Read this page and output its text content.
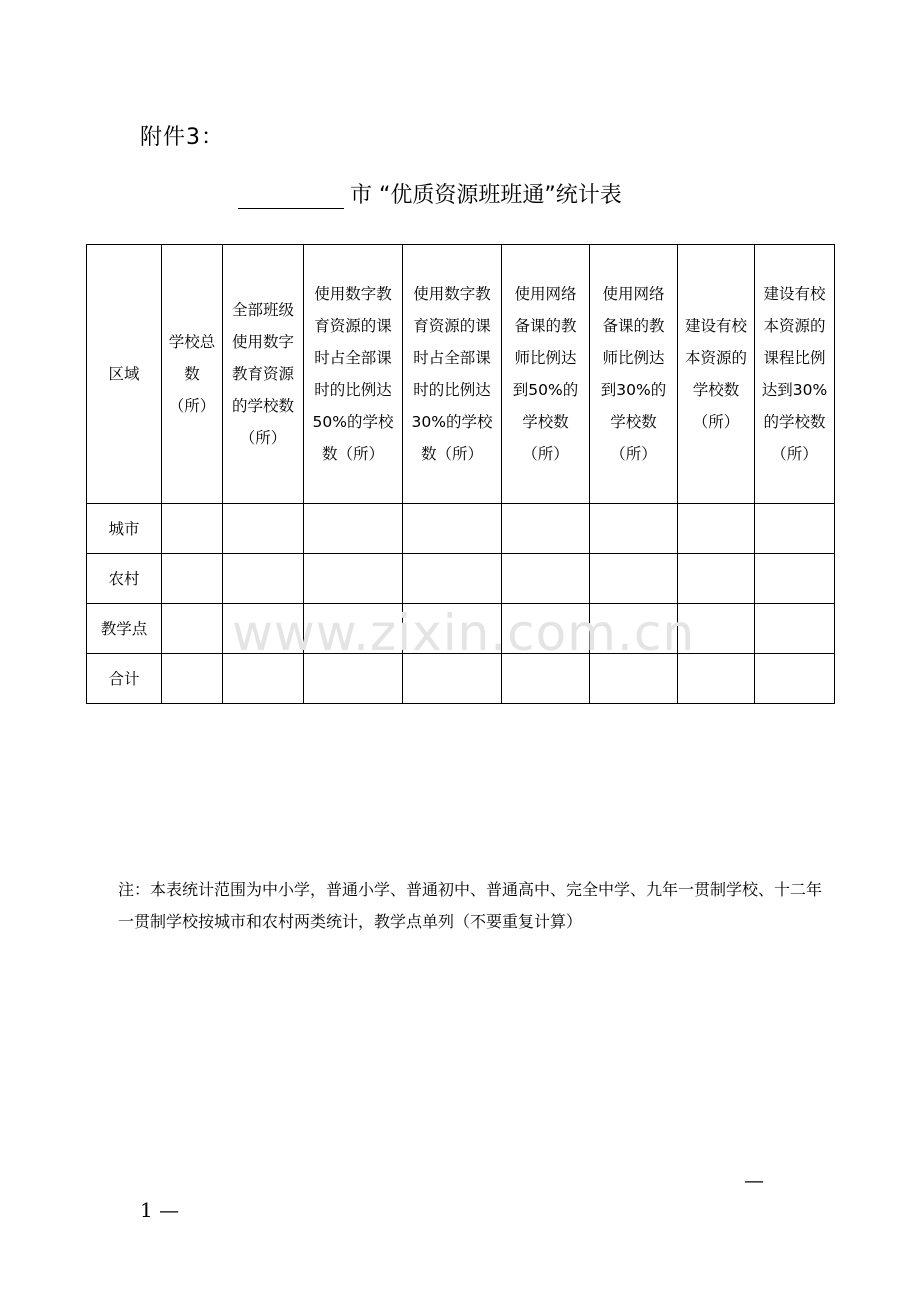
附件3：
市 “优质资源班班通”统计表
区域	学校总数（所）	全部班级使用数字教育资源的学校数（所）	使用数字教育资源的课时占全部课时的比例达50%的学校数（所）	使用数字教育资源的课时占全部课时的比例达30%的学校数（所）	使用网络备课的教师比例达到50%的学校数（所）	使用网络备课的教师比例达到30%的学校数（所）	建设有校本资源的学校数（所）	建设有校本资源的课程比例达到30%的学校数（所）
城市								
农村								
教学点								
合计								
www.zixin.com.cn
注：本表统计范围为中小学，普通小学、普通初中、普通高中、完全中学、九年一贯制学校、十二年一贯制学校按城市和农村两类统计，教学点单列（不要重复计算）
1 —
—
